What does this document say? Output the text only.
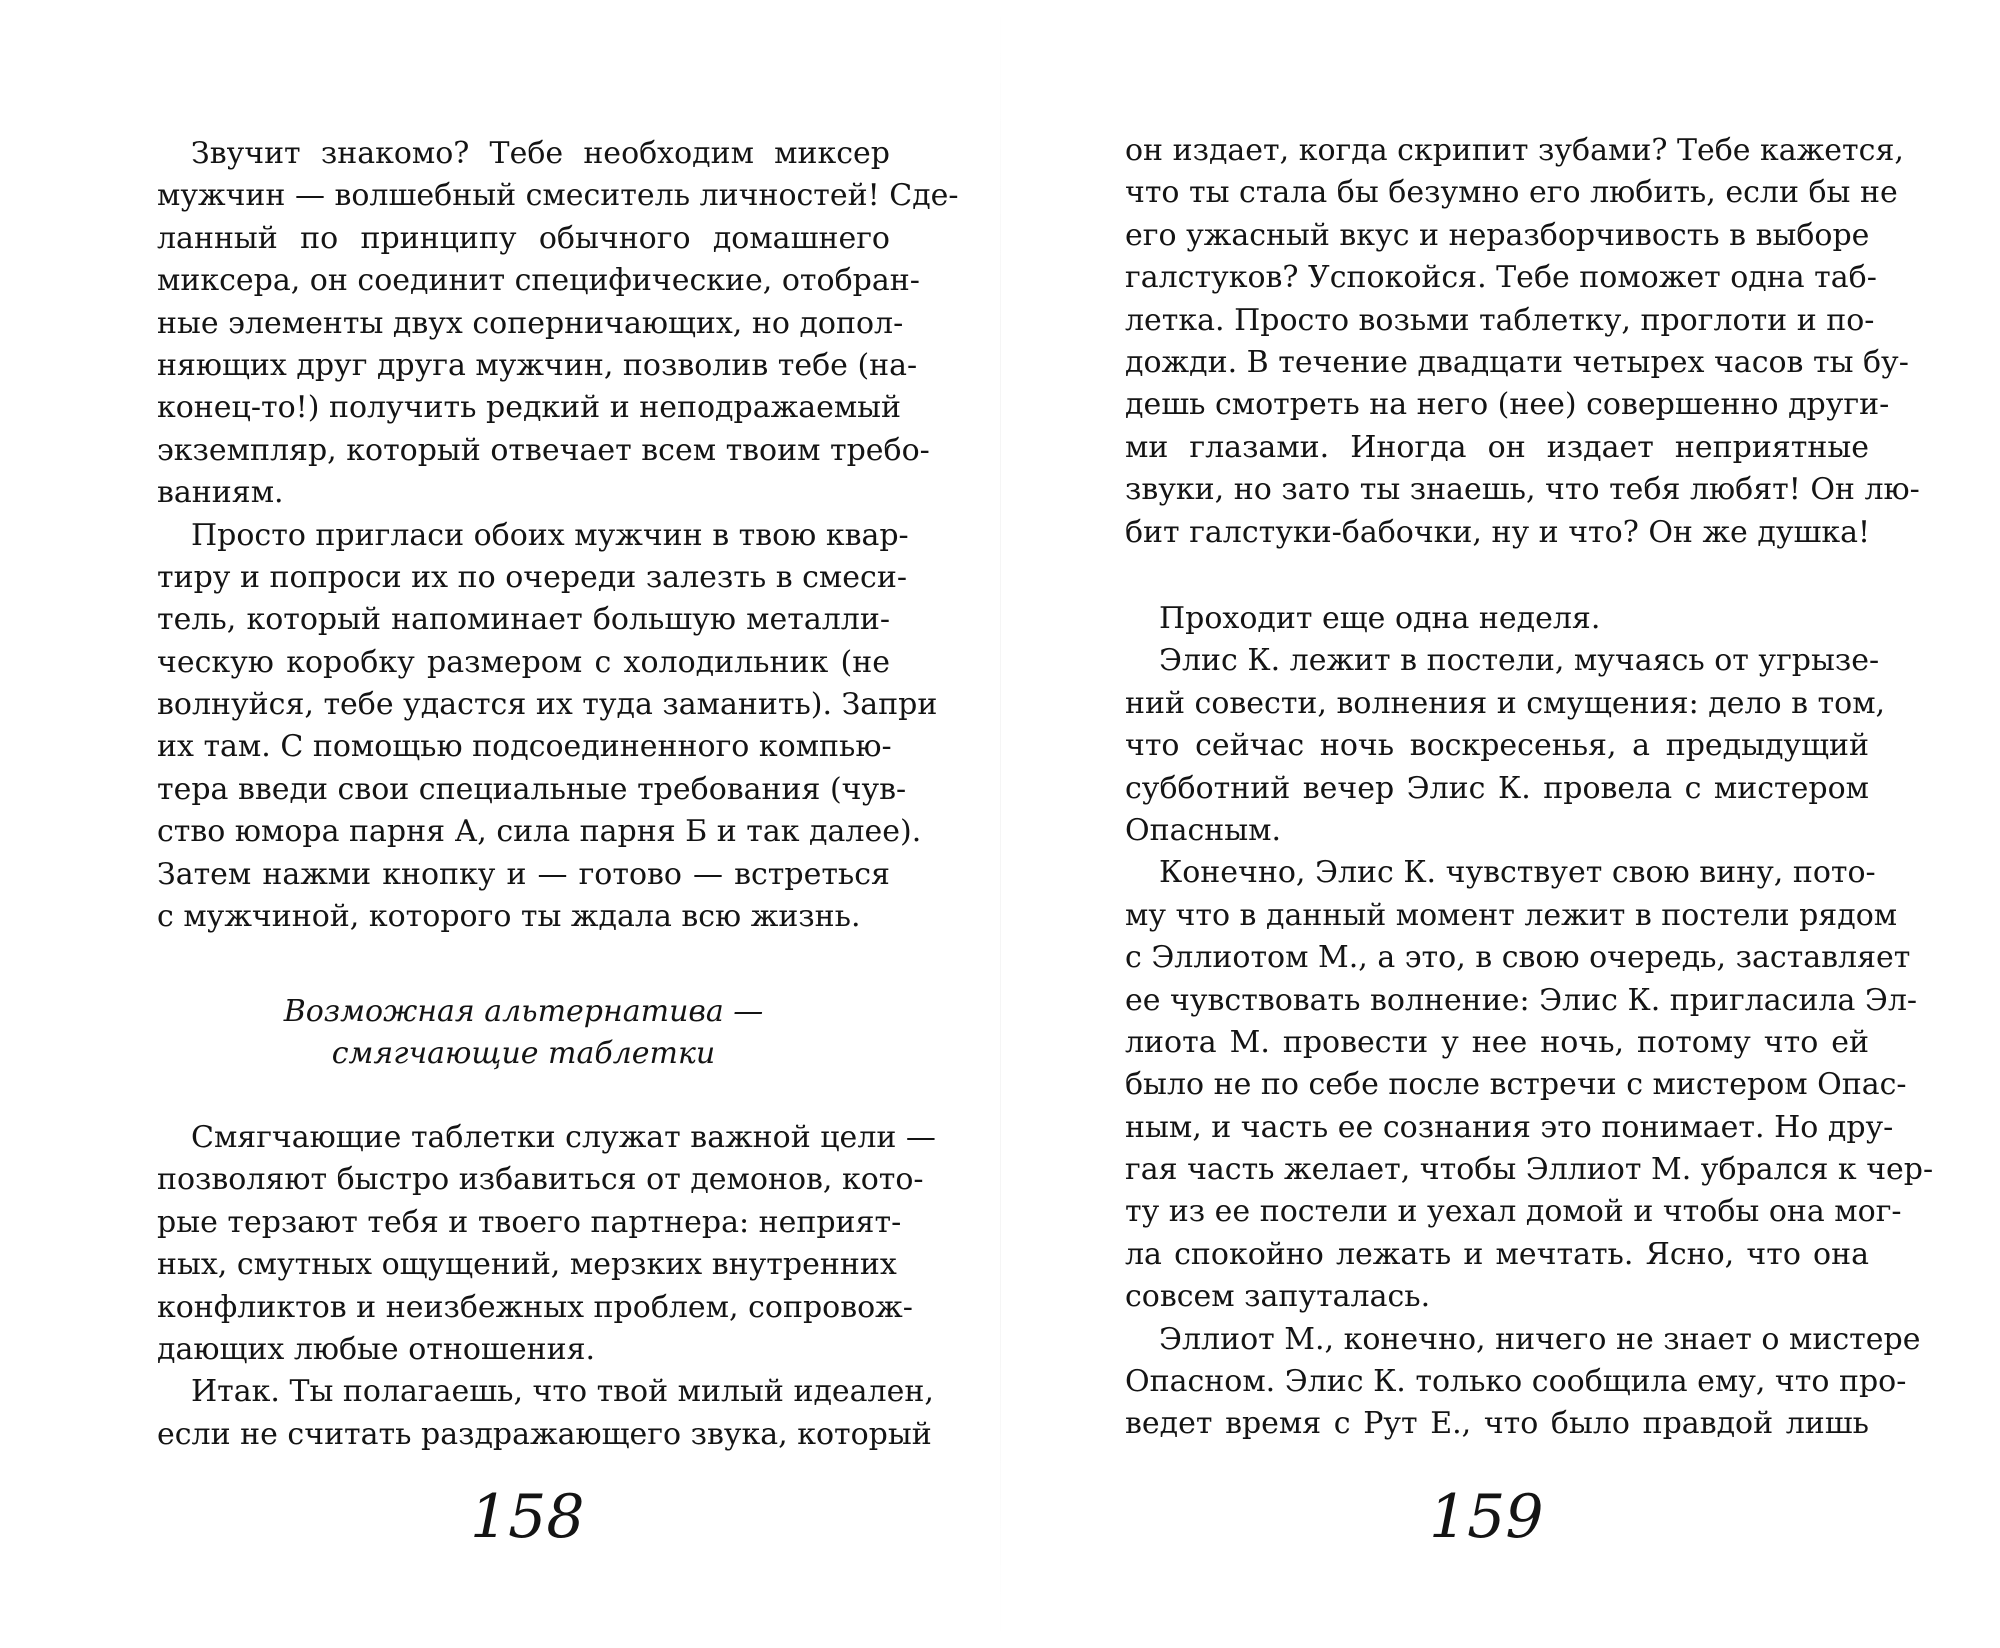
Звучит знакомо? Тебе необходим миксер
мужчин — волшебный смеситель личностей! Сде-
ланный по принципу обычного домашнего
миксера, он соединит специфические, отобран-
ные элементы двух соперничающих, но допол-
няющих друг друга мужчин, позволив тебе (на-
конец-то!) получить редкий и неподражаемый
экземпляр, который отвечает всем твоим требо-
ваниям.
Просто пригласи обоих мужчин в твою квар-
тиру и попроси их по очереди залезть в смеси-
тель, который напоминает большую металли-
ческую коробку размером с холодильник (не
волнуйся, тебе удастся их туда заманить). Запри
их там. С помощью подсоединенного компью-
тера введи свои специальные требования (чув-
ство юмора парня А, сила парня Б и так далее).
Затем нажми кнопку и — готово — встреться
с мужчиной, которого ты ждала всю жизнь.
Возможная альтернатива —
смягчающие таблетки
Смягчающие таблетки служат важной цели —
позволяют быстро избавиться от демонов, кото-
рые терзают тебя и твоего партнера: неприят-
ных, смутных ощущений, мерзких внутренних
конфликтов и неизбежных проблем, сопровож-
дающих любые отношения.
Итак. Ты полагаешь, что твой милый идеален,
если не считать раздражающего звука, который
158
он издает, когда скрипит зубами? Тебе кажется,
что ты стала бы безумно его любить, если бы не
его ужасный вкус и неразборчивость в выборе
галстуков? Успокойся. Тебе поможет одна таб-
летка. Просто возьми таблетку, проглоти и по-
дожди. В течение двадцати четырех часов ты бу-
дешь смотреть на него (нее) совершенно други-
ми глазами. Иногда он издает неприятные
звуки, но зато ты знаешь, что тебя любят! Он лю-
бит галстуки-бабочки, ну и что? Он же душка!
Проходит еще одна неделя.
Элис К. лежит в постели, мучаясь от угрызе-
ний совести, волнения и смущения: дело в том,
что сейчас ночь воскресенья, а предыдущий
субботний вечер Элис К. провела с мистером
Опасным.
Конечно, Элис К. чувствует свою вину, пото-
му что в данный момент лежит в постели рядом
с Эллиотом М., а это, в свою очередь, заставляет
ее чувствовать волнение: Элис К. пригласила Эл-
лиота М. провести у нее ночь, потому что ей
было не по себе после встречи с мистером Опас-
ным, и часть ее сознания это понимает. Но дру-
гая часть желает, чтобы Эллиот М. убрался к чер-
ту из ее постели и уехал домой и чтобы она мог-
ла спокойно лежать и мечтать. Ясно, что она
совсем запуталась.
Эллиот М., конечно, ничего не знает о мистере
Опасном. Элис К. только сообщила ему, что про-
ведет время с Рут Е., что было правдой лишь
159
